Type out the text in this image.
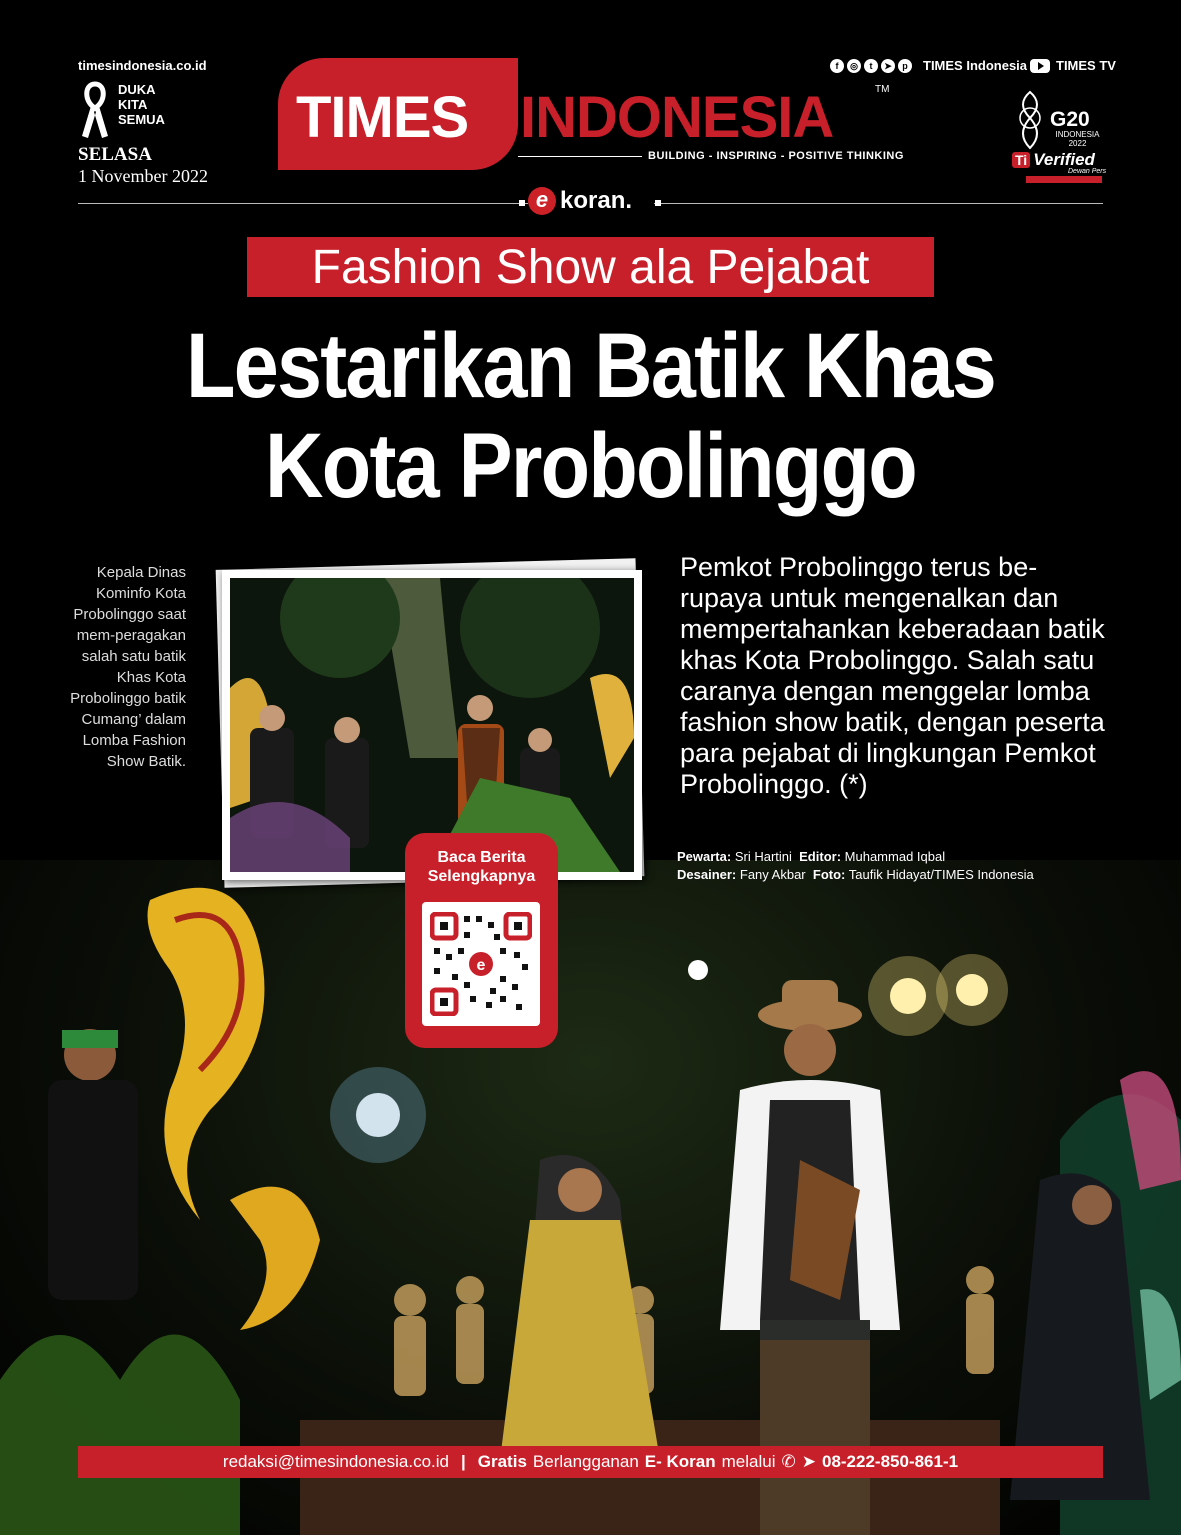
timesindonesia.co.id
DUKA KITA SEMUA
SELASA
1 November 2022
TIMES INDONESIA	TM
BUILDING - INSPIRING - POSITIVE THINKING
f	◎	t	➤	p	TIMES Indonesia TIMES TV
G20
INDONESIA 2022
Ti Verified
Dewan Pers
e koran.
Fashion Show ala Pejabat
Lestarikan Batik Khas
Kota Probolinggo
Kepala Dinas Kominfo Kota Probolinggo saat mem-peragakan salah satu batik Khas Kota Probolinggo batik Cumang’ dalam Lomba Fashion Show Batik.
Pemkot Probolinggo terus be-rupaya untuk mengenalkan dan mempertahankan keberadaan batik khas Kota Probolinggo. Salah satu caranya dengan menggelar lomba fashion show batik, dengan peserta para pejabat di lingkungan Pemkot Probolinggo. (*)
Pewarta: Sri Hartini Editor: Muhammad Iqbal
Desainer: Fany Akbar Foto: Taufik Hidayat/TIMES Indonesia
Baca Berita Selengkapnya
e
redaksi@timesindonesia.co.id | Gratis Berlangganan E- Koran melalui ✆ ➤ 08-222-850-861-1
